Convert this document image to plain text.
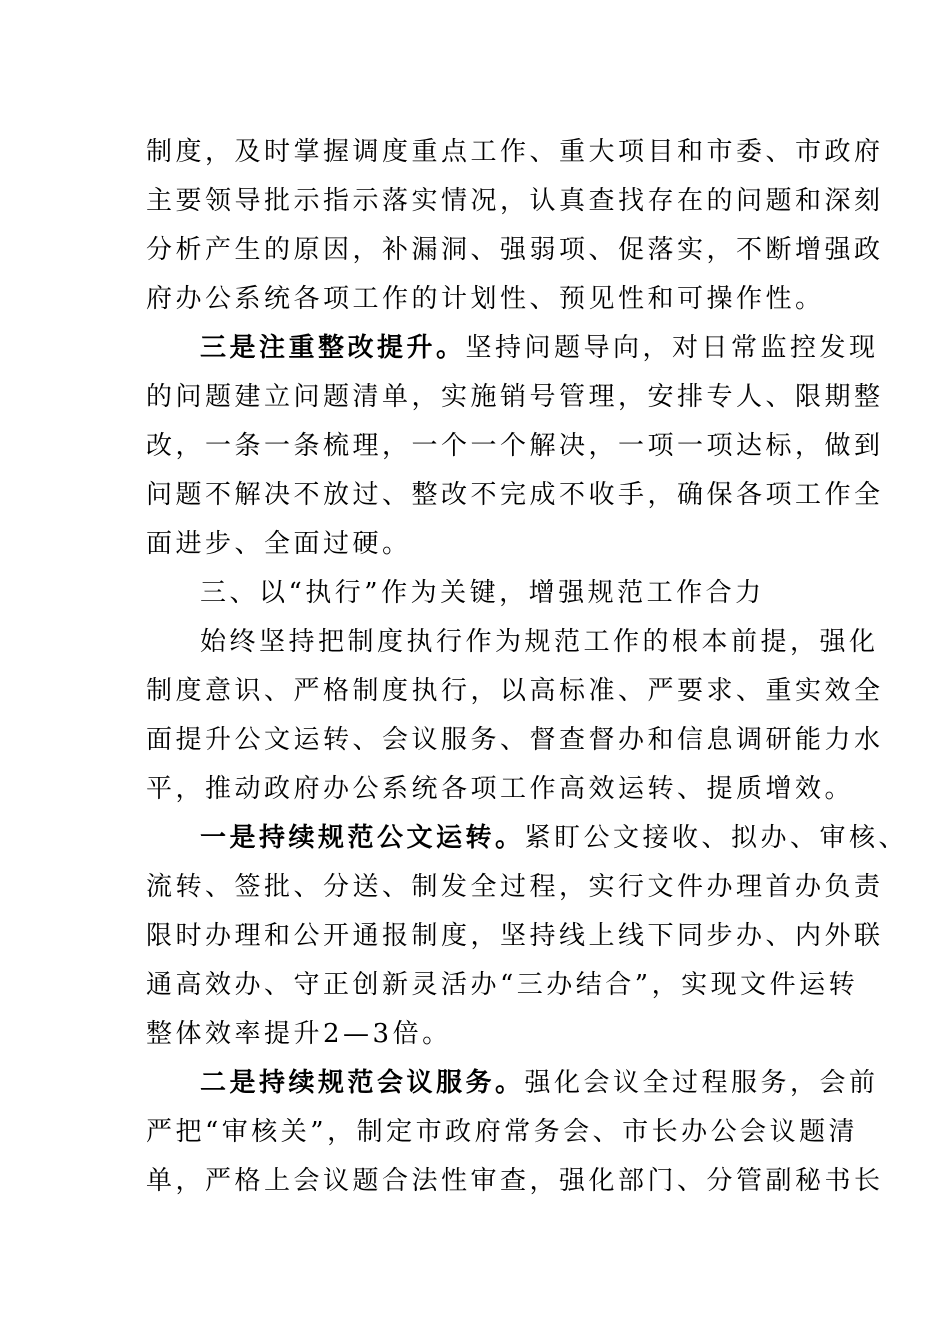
制度，及时掌握调度重点工作、重大项目和市委、市政府
主要领导批示指示落实情况，认真查找存在的问题和深刻
分析产生的原因，补漏洞、强弱项、促落实，不断增强政
府办公系统各项工作的计划性、预见性和可操作性。
三是注重整改提升。坚持问题导向，对日常监控发现
的问题建立问题清单，实施销号管理，安排专人、限期整
改，一条一条梳理，一个一个解决，一项一项达标，做到
问题不解决不放过、整改不完成不收手，确保各项工作全
面进步、全面过硬。
三、以“执行”作为关键，增强规范工作合力
始终坚持把制度执行作为规范工作的根本前提，强化
制度意识、严格制度执行，以高标准、严要求、重实效全
面提升公文运转、会议服务、督查督办和信息调研能力水
平，推动政府办公系统各项工作高效运转、提质增效。
一是持续规范公文运转。紧盯公文接收、拟办、审核、
流转、签批、分送、制发全过程，实行文件办理首办负责
限时办理和公开通报制度，坚持线上线下同步办、内外联
通高效办、守正创新灵活办“三办结合”，实现文件运转
整体效率提升2—3倍。
二是持续规范会议服务。强化会议全过程服务，会前
严把“审核关”，制定市政府常务会、市长办公会议题清
单，严格上会议题合法性审查，强化部门、分管副秘书长
